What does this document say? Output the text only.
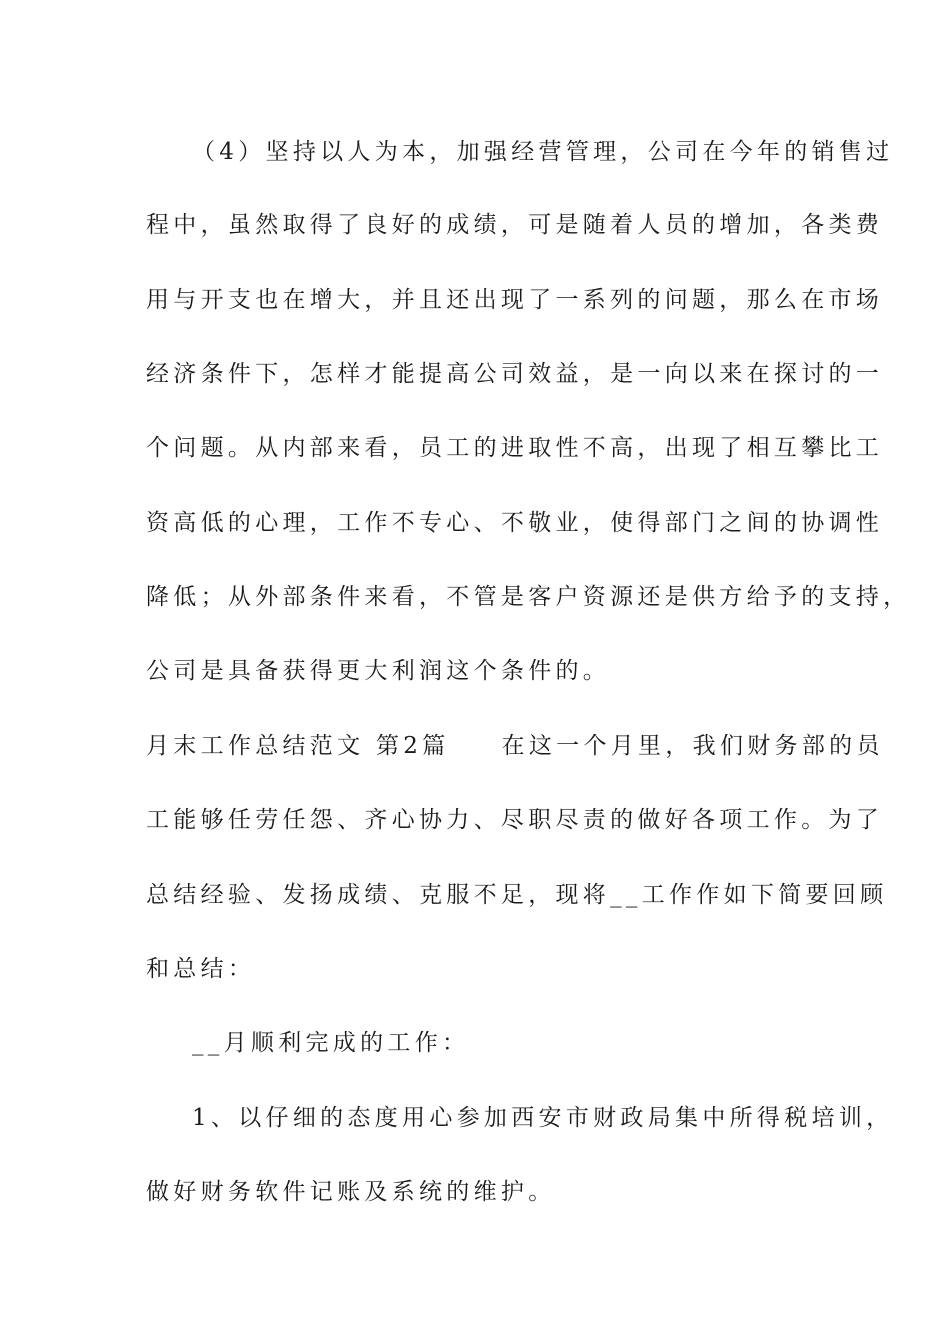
（4）坚持以人为本，加强经营管理，公司在今年的销售过
程中，虽然取得了良好的成绩，可是随着人员的增加，各类费
用与开支也在增大，并且还出现了一系列的问题，那么在市场
经济条件下，怎样才能提高公司效益，是一向以来在探讨的一
个问题。从内部来看，员工的进取性不高，出现了相互攀比工
资高低的心理，工作不专心、不敬业，使得部门之间的协调性
降低；从外部条件来看，不管是客户资源还是供方给予的支持，
公司是具备获得更大利润这个条件的。
月末工作总结范文 第2篇 在这一个月里，我们财务部的员
工能够任劳任怨、齐心协力、尽职尽责的做好各项工作。为了
总结经验、发扬成绩、克服不足，现将__工作作如下简要回顾
和总结：
__月顺利完成的工作：
1、以仔细的态度用心参加西安市财政局集中所得税培训，
做好财务软件记账及系统的维护。
